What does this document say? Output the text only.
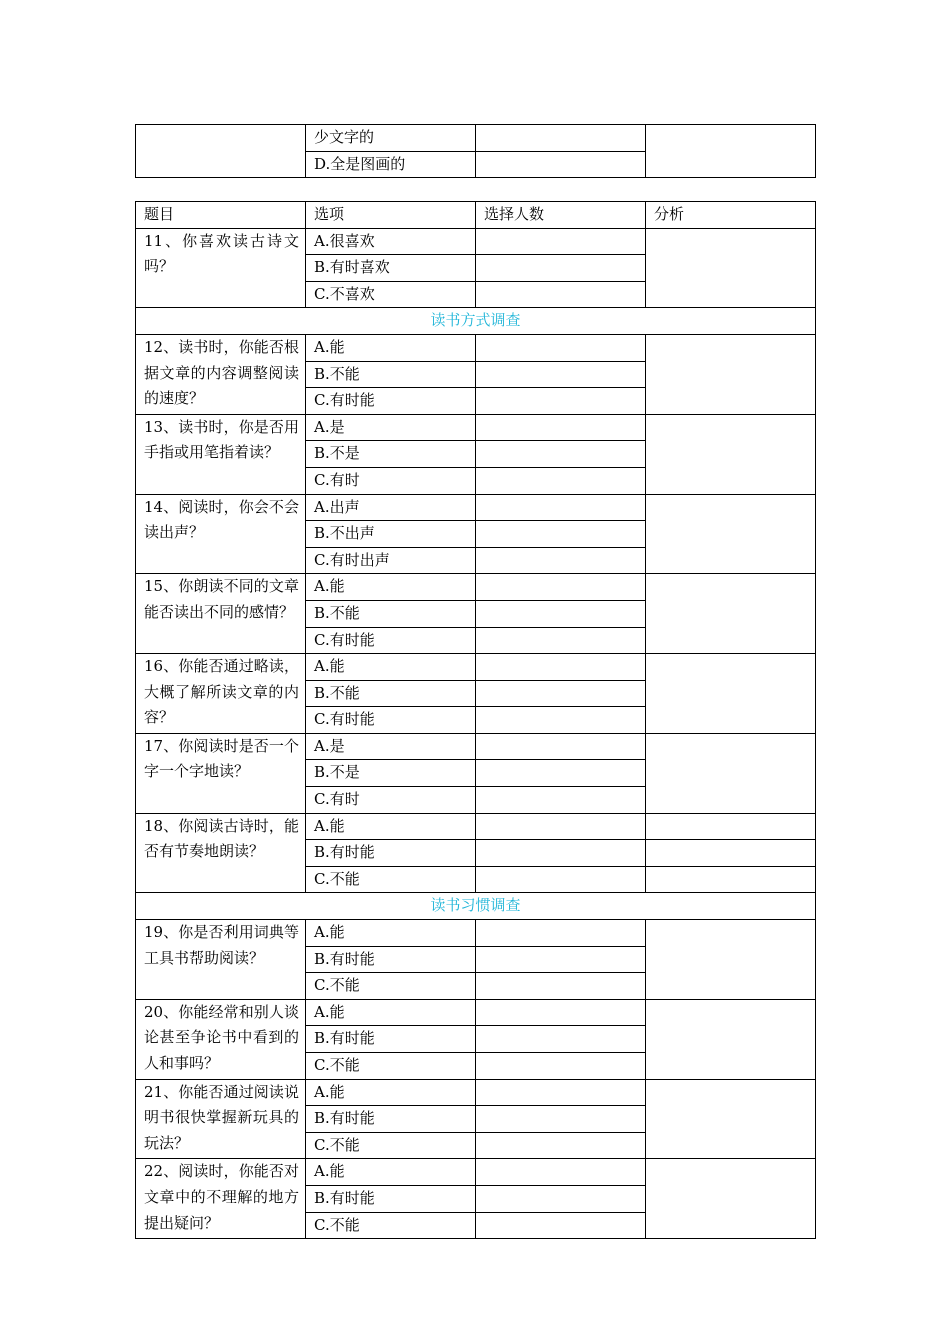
	少文字的		
	D.全是图画的		
题目	选项	选择人数	分析
11、你喜欢读古诗文吗？	A.很喜欢		
	B.有时喜欢		
	C.不喜欢		
读书方式调查			
12、读书时，你能否根据文章的内容调整阅读的速度？	A.能		
	B.不能		
	C.有时能		
13、读书时，你是否用手指或用笔指着读？	A.是		
	B.不是		
	C.有时		
14、阅读时，你会不会读出声？	A.出声		
	B.不出声		
	C.有时出声		
15、你朗读不同的文章能否读出不同的感情？	A.能		
	B.不能		
	C.有时能		
16、你能否通过略读，大概了解所读文章的内容？	A.能		
	B.不能		
	C.有时能		
17、你阅读时是否一个字一个字地读？	A.是		
	B.不是		
	C.有时		
18、你阅读古诗时，能否有节奏地朗读？	A.能		
	B.有时能		
	C.不能		
读书习惯调查			
19、你是否利用词典等工具书帮助阅读？	A.能		
	B.有时能		
	C.不能		
20、你能经常和别人谈论甚至争论书中看到的人和事吗？	A.能		
	B.有时能		
	C.不能		
21、你能否通过阅读说明书很快掌握新玩具的玩法？	A.能		
	B.有时能		
	C.不能		
22、阅读时，你能否对文章中的不理解的地方提出疑问？	A.能		
	B.有时能		
	C.不能		
